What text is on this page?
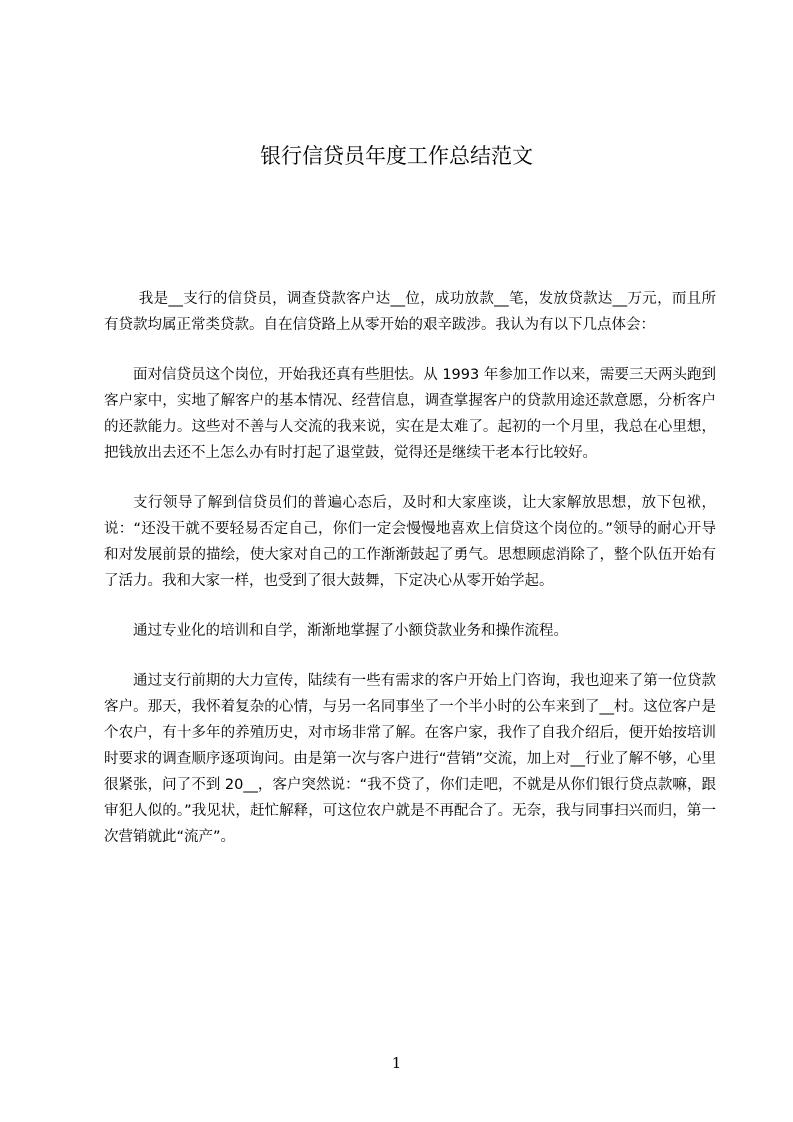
银行信贷员年度工作总结范文

我是__支行的信贷员，调查贷款客户达__位，成功放款__笔，发放贷款达__万元，而且所有贷款均属正常类贷款。自在信贷路上从零开始的艰辛跋涉。我认为有以下几点体会：

面对信贷员这个岗位，开始我还真有些胆怯。从 1993 年参加工作以来，需要三天两头跑到客户家中，实地了解客户的基本情况、经营信息，调查掌握客户的贷款用途还款意愿，分析客户的还款能力。这些对不善与人交流的我来说，实在是太难了。起初的一个月里，我总在心里想，把钱放出去还不上怎么办有时打起了退堂鼓，觉得还是继续干老本行比较好。

支行领导了解到信贷员们的普遍心态后，及时和大家座谈，让大家解放思想，放下包袱，说：“还没干就不要轻易否定自己，你们一定会慢慢地喜欢上信贷这个岗位的。”领导的耐心开导和对发展前景的描绘，使大家对自己的工作渐渐鼓起了勇气。思想顾虑消除了，整个队伍开始有了活力。我和大家一样，也受到了很大鼓舞，下定决心从零开始学起。

通过专业化的培训和自学，渐渐地掌握了小额贷款业务和操作流程。

通过支行前期的大力宣传，陆续有一些有需求的客户开始上门咨询，我也迎来了第一位贷款客户。那天，我怀着复杂的心情，与另一名同事坐了一个半小时的公车来到了__村。这位客户是个农户，有十多年的养殖历史，对市场非常了解。在客户家，我作了自我介绍后，便开始按培训时要求的调查顺序逐项询问。由是第一次与客户进行“营销”交流，加上对__行业了解不够，心里很紧张，问了不到 20__，客户突然说：“我不贷了，你们走吧，不就是从你们银行贷点款嘛，跟审犯人似的。”我见状，赶忙解释，可这位农户就是不再配合了。无奈，我与同事扫兴而归，第一次营销就此“流产”。

1
